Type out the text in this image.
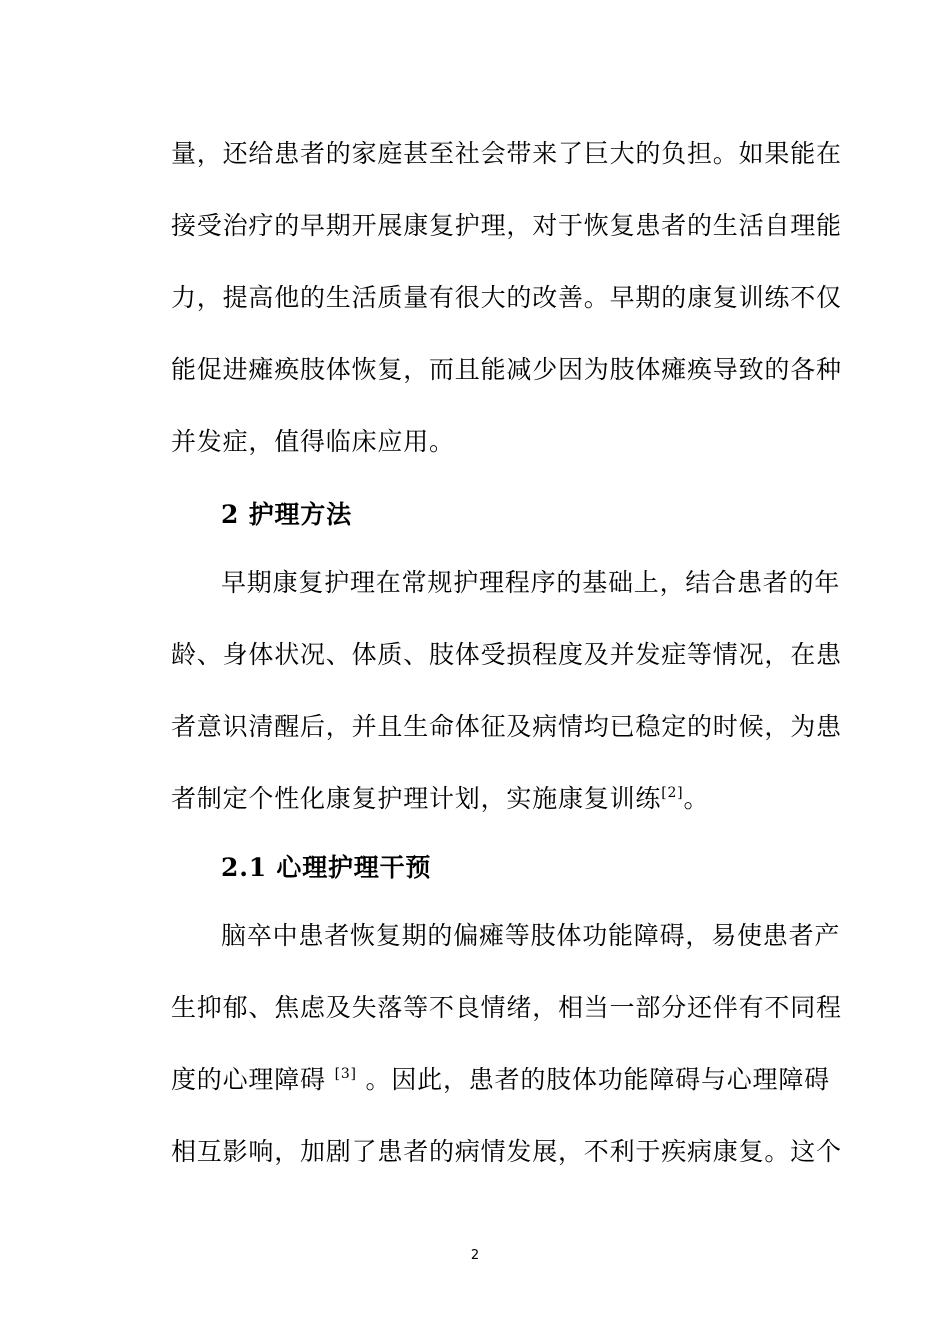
量，还给患者的家庭甚至社会带来了巨大的负担。如果能在
接受治疗的早期开展康复护理，对于恢复患者的生活自理能
力，提高他的生活质量有很大的改善。早期的康复训练不仅
能促进瘫痪肢体恢复，而且能减少因为肢体瘫痪导致的各种
并发症，值得临床应用。
2 护理方法
早期康复护理在常规护理程序的基础上，结合患者的年
龄、身体状况、体质、肢体受损程度及并发症等情况，在患
者意识清醒后，并且生命体征及病情均已稳定的时候，为患
者制定个性化康复护理计划，实施康复训练[2]。
2.1 心理护理干预
脑卒中患者恢复期的偏瘫等肢体功能障碍，易使患者产
生抑郁、焦虑及失落等不良情绪，相当一部分还伴有不同程
度的心理障碍 [3] 。因此，患者的肢体功能障碍与心理障碍
相互影响，加剧了患者的病情发展，不利于疾病康复。这个
2
